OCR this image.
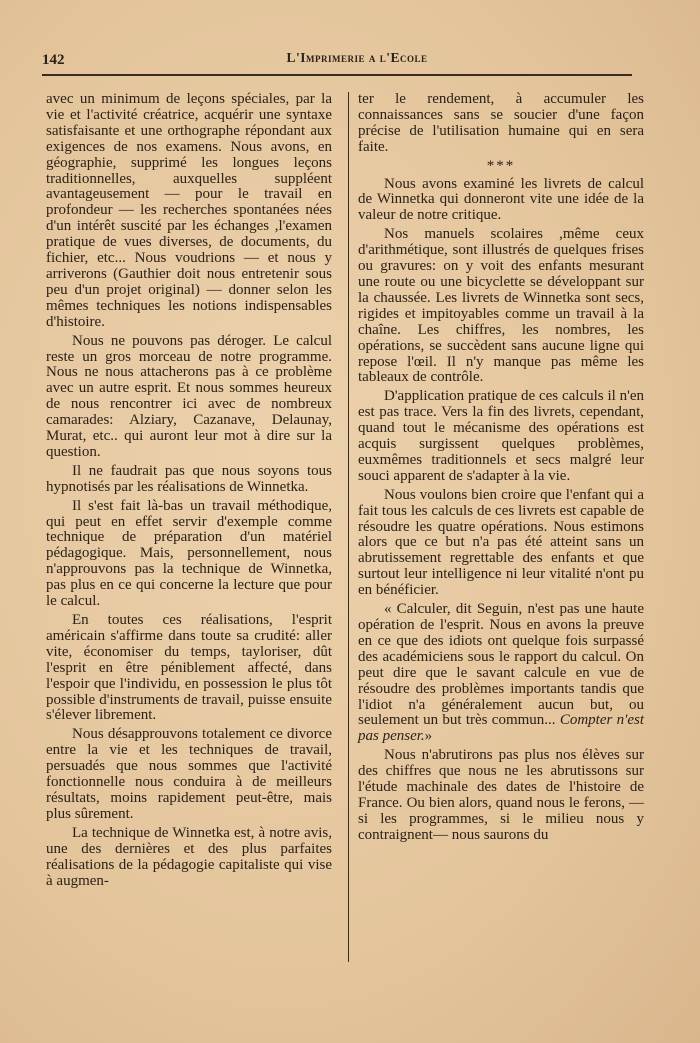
142	L'Imprimerie a l'Ecole

avec un minimum de leçons spéciales, par la vie et l'activité créatrice, acquérir une syntaxe satisfaisante et une orthographe répondant aux exigences de nos examens. Nous avons, en géographie, supprimé les longues leçons traditionnelles, auxquelles suppléent avantageusement — pour le travail en profondeur — les recherches spontanées nées d'un intérêt suscité par les échanges ,l'examen pratique de vues diverses, de documents, du fichier, etc... Nous voudrions — et nous y arriverons (Gauthier doit nous entretenir sous peu d'un projet original) — donner selon les mêmes techniques les notions indispensables d'histoire.

Nous ne pouvons pas déroger. Le calcul reste un gros morceau de notre programme. Nous ne nous attacherons pas à ce problème avec un autre esprit. Et nous sommes heureux de nous rencontrer ici avec de nombreux camarades: Alziary, Cazanave, Delaunay, Murat, etc.. qui auront leur mot à dire sur la question.

Il ne faudrait pas que nous soyons tous hypnotisés par les réalisations de Winnetka.

Il s'est fait là-bas un travail méthodique, qui peut en effet servir d'exemple comme technique de préparation d'un matériel pédagogique. Mais, personnellement, nous n'approuvons pas la technique de Winnetka, pas plus en ce qui concerne la lecture que pour le calcul.

En toutes ces réalisations, l'esprit américain s'affirme dans toute sa crudité: aller vite, économiser du temps, tayloriser, dût l'esprit en être péniblement affecté, dans l'espoir que l'individu, en possession le plus tôt possible d'instruments de travail, puisse ensuite s'élever librement.

Nous désapprouvons totalement ce divorce entre la vie et les techniques de travail, persuadés que nous sommes que l'activité fonctionnelle nous conduira à de meilleurs résultats, moins rapidement peut-être, mais plus sûrement.

La technique de Winnetka est, à notre avis, une des dernières et des plus parfaites réalisations de la pédagogie capitaliste qui vise à augmen-

ter le rendement, à accumuler les connaissances sans se soucier d'une façon précise de l'utilisation humaine qui en sera faite.

***

Nous avons examiné les livrets de calcul de Winnetka qui donneront vite une idée de la valeur de notre critique.

Nos manuels scolaires ,même ceux d'arithmétique, sont illustrés de quelques frises ou gravures: on y voit des enfants mesurant une route ou une bicyclette se développant sur la chaussée. Les livrets de Winnetka sont secs, rigides et impitoyables comme un travail à la chaîne. Les chiffres, les nombres, les opérations, se succèdent sans aucune ligne qui repose l'œil. Il n'y manque pas même les tableaux de contrôle.

D'application pratique de ces calculs il n'en est pas trace. Vers la fin des livrets, cependant, quand tout le mécanisme des opérations est acquis surgissent quelques problèmes, euxmêmes traditionnels et secs malgré leur souci apparent de s'adapter à la vie.

Nous voulons bien croire que l'enfant qui a fait tous les calculs de ces livrets est capable de résoudre les quatre opérations. Nous estimons alors que ce but n'a pas été atteint sans un abrutissement regrettable des enfants et que surtout leur intelligence ni leur vitalité n'ont pu en bénéficier.

« Calculer, dit Seguin, n'est pas une haute opération de l'esprit. Nous en avons la preuve en ce que des idiots ont quelque fois surpassé des académiciens sous le rapport du calcul. On peut dire que le savant calcule en vue de résoudre des problèmes importants tandis que l'idiot n'a généralement aucun but, ou seulement un but très commun... Compter n'est pas penser.»

Nous n'abrutirons pas plus nos élèves sur des chiffres que nous ne les abrutissons sur l'étude machinale des dates de l'histoire de France. Ou bien alors, quand nous le ferons, — si les programmes, si le milieu nous y contraignent— nous saurons du
